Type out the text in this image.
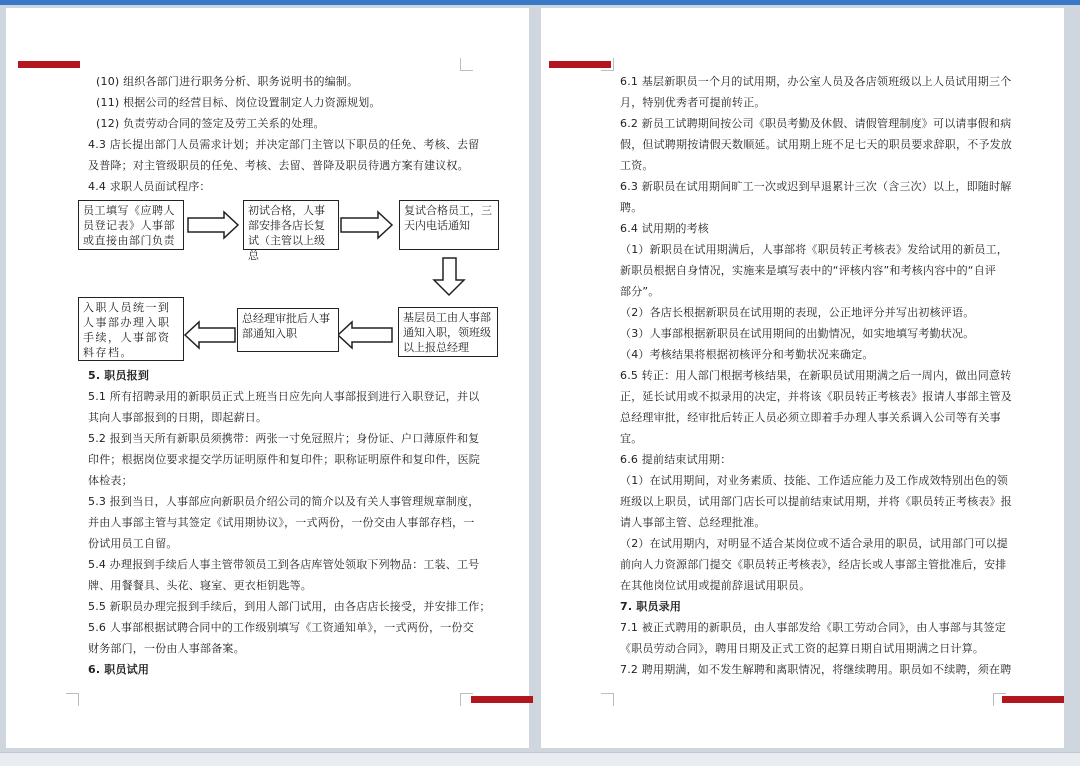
(10) 组织各部门进行职务分析、职务说明书的编制。
(11) 根据公司的经营目标、岗位设置制定人力资源规划。
(12) 负责劳动合同的签定及劳工关系的处理。
4.3 店长提出部门人员需求计划；并决定部门主管以下职员的任免、考核、去留
及普降；对主管级职员的任免、考核、去留、普降及职员待遇方案有建议权。
4.4 求职人员面试程序：
员工填写《应聘人员登记表》人事部或直接由部门负责
初试合格，人事部安排各店长复试（主管以上级总
复试合格员工，三天内电话通知
基层员工由人事部通知入职，领班级以上报总经理
总经理审批后人事部通知入职
入职人员统一到人事部办理入职手续，人事部资料存档。
5. 职员报到
5.1 所有招聘录用的新职员正式上班当日应先向人事部报到进行入职登记，并以
其向人事部报到的日期，即起薪日。
5.2 报到当天所有新职员须携带：两张一寸免冠照片；身份证、户口薄原件和复
印件；根据岗位要求提交学历证明原件和复印件；职称证明原件和复印件，医院
体检表；
5.3 报到当日，人事部应向新职员介绍公司的简介以及有关人事管理规章制度，
并由人事部主管与其签定《试用期协议》，一式两份，一份交由人事部存档，一
份试用员工自留。
5.4 办理报到手续后人事主管带领员工到各店库管处领取下列物品：工装、工号
牌、用餐餐具、头花、寝室、更衣柜钥匙等。
5.5 新职员办理完报到手续后，到用人部门试用，由各店店长接受，并安排工作；
5.6 人事部根据试聘合同中的工作级别填写《工资通知单》，一式两份，一份交
财务部门，一份由人事部备案。
6. 职员试用
6.1 基层新职员一个月的试用期，办公室人员及各店领班级以上人员试用期三个
月，特别优秀者可提前转正。
6.2 新员工试聘期间按公司《职员考勤及休假、请假管理制度》可以请事假和病
假，但试聘期按请假天数顺延。试用期上班不足七天的职员要求辞职，不予发放
工资。
6.3 新职员在试用期间旷工一次或迟到早退累计三次（含三次）以上，即随时解
聘。
6.4 试用期的考核
（1）新职员在试用期满后，人事部将《职员转正考核表》发给试用的新员工，
新职员根据自身情况，实施来是填写表中的“评核内容”和考核内容中的“自评
部分”。
（2）各店长根据新职员在试用期的表现，公正地评分并写出初核评语。
（3）人事部根据新职员在试用期间的出勤情况，如实地填写考勤状况。
（4）考核结果将根据初核评分和考勤状况来确定。
6.5 转正：用人部门根据考核结果，在新职员试用期满之后一周内，做出同意转
正，延长试用或不拟录用的决定，并将该《职员转正考核表》报请人事部主管及
总经理审批，经审批后转正人员必须立即着手办理人事关系调入公司等有关事
宜。
6.6 提前结束试用期：
（1）在试用期间，对业务素质、技能、工作适应能力及工作成效特别出色的领
班级以上职员，试用部门店长可以提前结束试用期，并将《职员转正考核表》报
请人事部主管、总经理批准。
（2）在试用期内，对明显不适合某岗位或不适合录用的职员，试用部门可以提
前向人力资源部门提交《职员转正考核表》，经店长或人事部主管批准后，安排
在其他岗位试用或提前辞退试用职员。
7. 职员录用
7.1 被正式聘用的新职员，由人事部发给《职工劳动合同》，由人事部与其签定
《职员劳动合同》，聘用日期及正式工资的起算日期自试用期满之日计算。
7.2 聘用期满，如不发生解聘和离职情况，将继续聘用。职员如不续聘，须在聘
